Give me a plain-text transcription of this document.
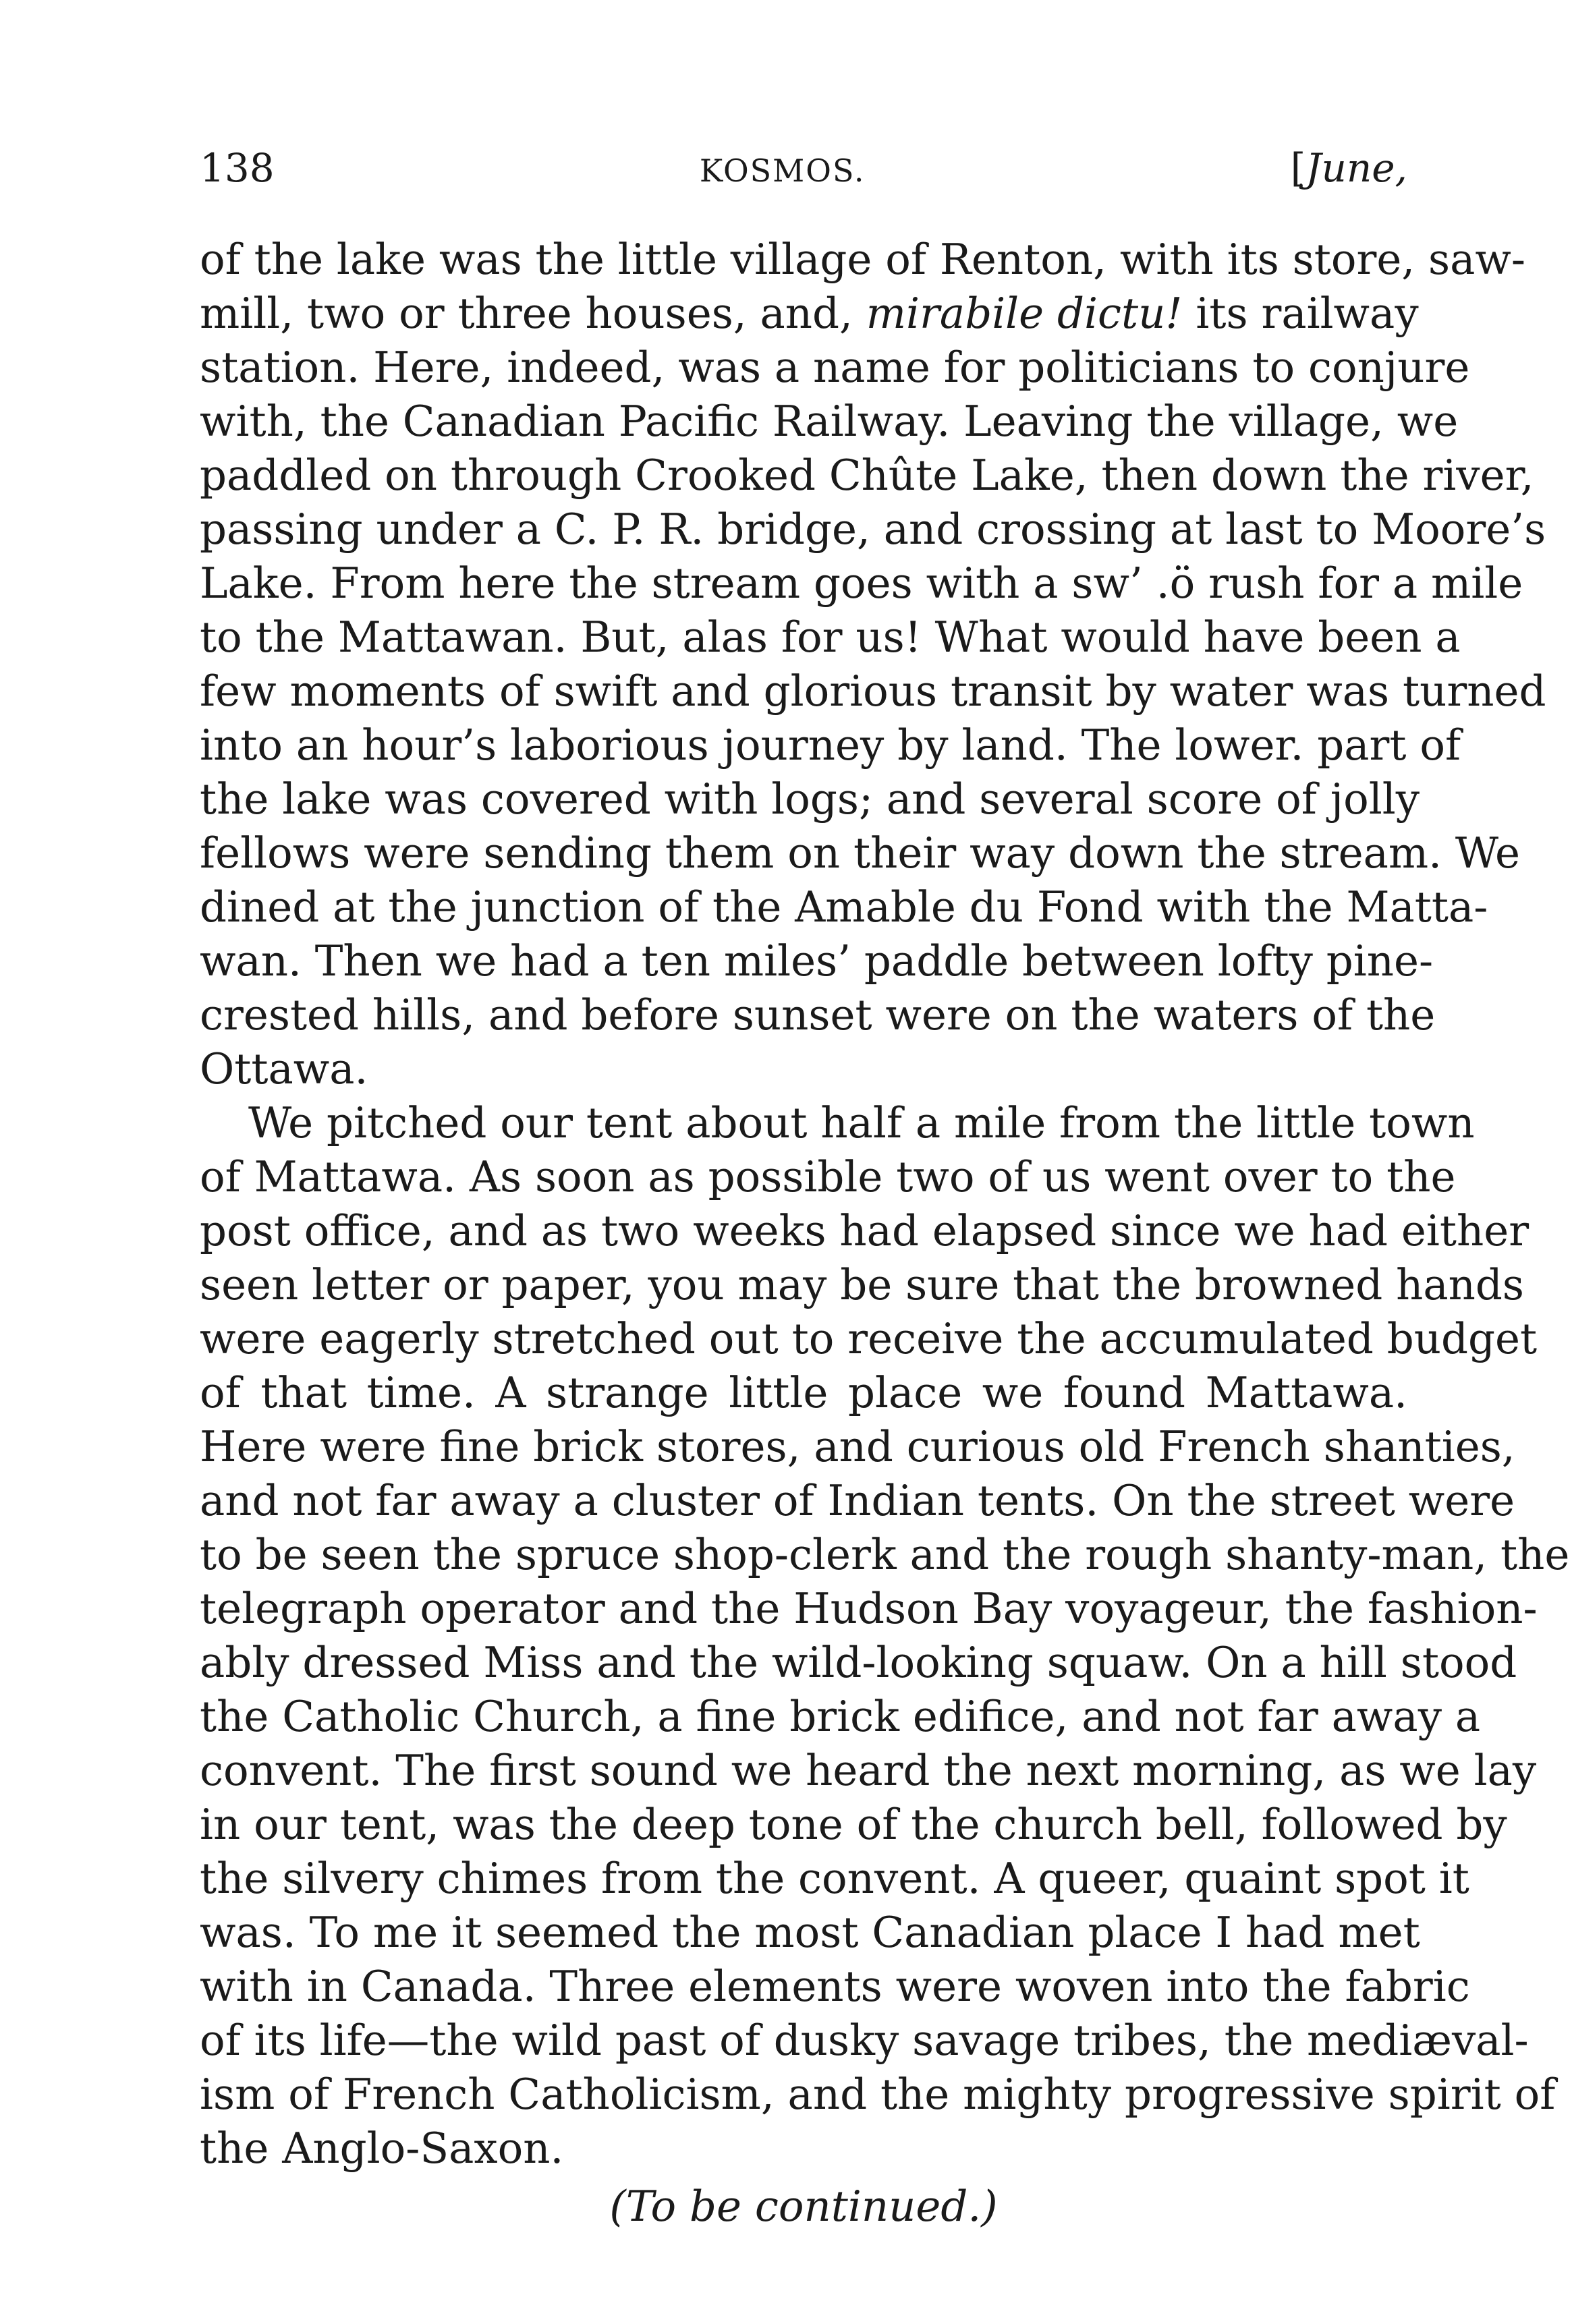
138	KOSMOS.	[June,
of the lake was the little village of Renton, with its store, saw-
mill, two or three houses, and, mirabile dictu! its railway
station. Here, indeed, was a name for politicians to conjure
with, the Canadian Pacific Railway. Leaving the village, we
paddled on through Crooked Chûte Lake, then down the river,
passing under a C. P. R. bridge, and crossing at last to Moore’s
Lake. From here the stream goes with a sw’ .ö rush for a mile
to the Mattawan. But, alas for us! What would have been a
few moments of swift and glorious transit by water was turned
into an hour’s laborious journey by land. The lower. part of
the lake was covered with logs; and several score of jolly
fellows were sending them on their way down the stream. We
dined at the junction of the Amable du Fond with the Matta-
wan. Then we had a ten miles’ paddle between lofty pine-
crested hills, and before sunset were on the waters of the
Ottawa.
We pitched our tent about half a mile from the little town
of Mattawa. As soon as possible two of us went over to the
post office, and as two weeks had elapsed since we had either
seen letter or paper, you may be sure that the browned hands
were eagerly stretched out to receive the accumulated budget
of that time. A strange little place we found Mattawa.
Here were fine brick stores, and curious old French shanties,
and not far away a cluster of Indian tents. On the street were
to be seen the spruce shop-clerk and the rough shanty-man, the
telegraph operator and the Hudson Bay voyageur, the fashion-
ably dressed Miss and the wild-looking squaw. On a hill stood
the Catholic Church, a fine brick edifice, and not far away a
convent. The first sound we heard the next morning, as we lay
in our tent, was the deep tone of the church bell, followed by
the silvery chimes from the convent. A queer, quaint spot it
was. To me it seemed the most Canadian place I had met
with in Canada. Three elements were woven into the fabric
of its life—the wild past of dusky savage tribes, the mediæval-
ism of French Catholicism, and the mighty progressive spirit of
the Anglo-Saxon.
(To be continued.)
